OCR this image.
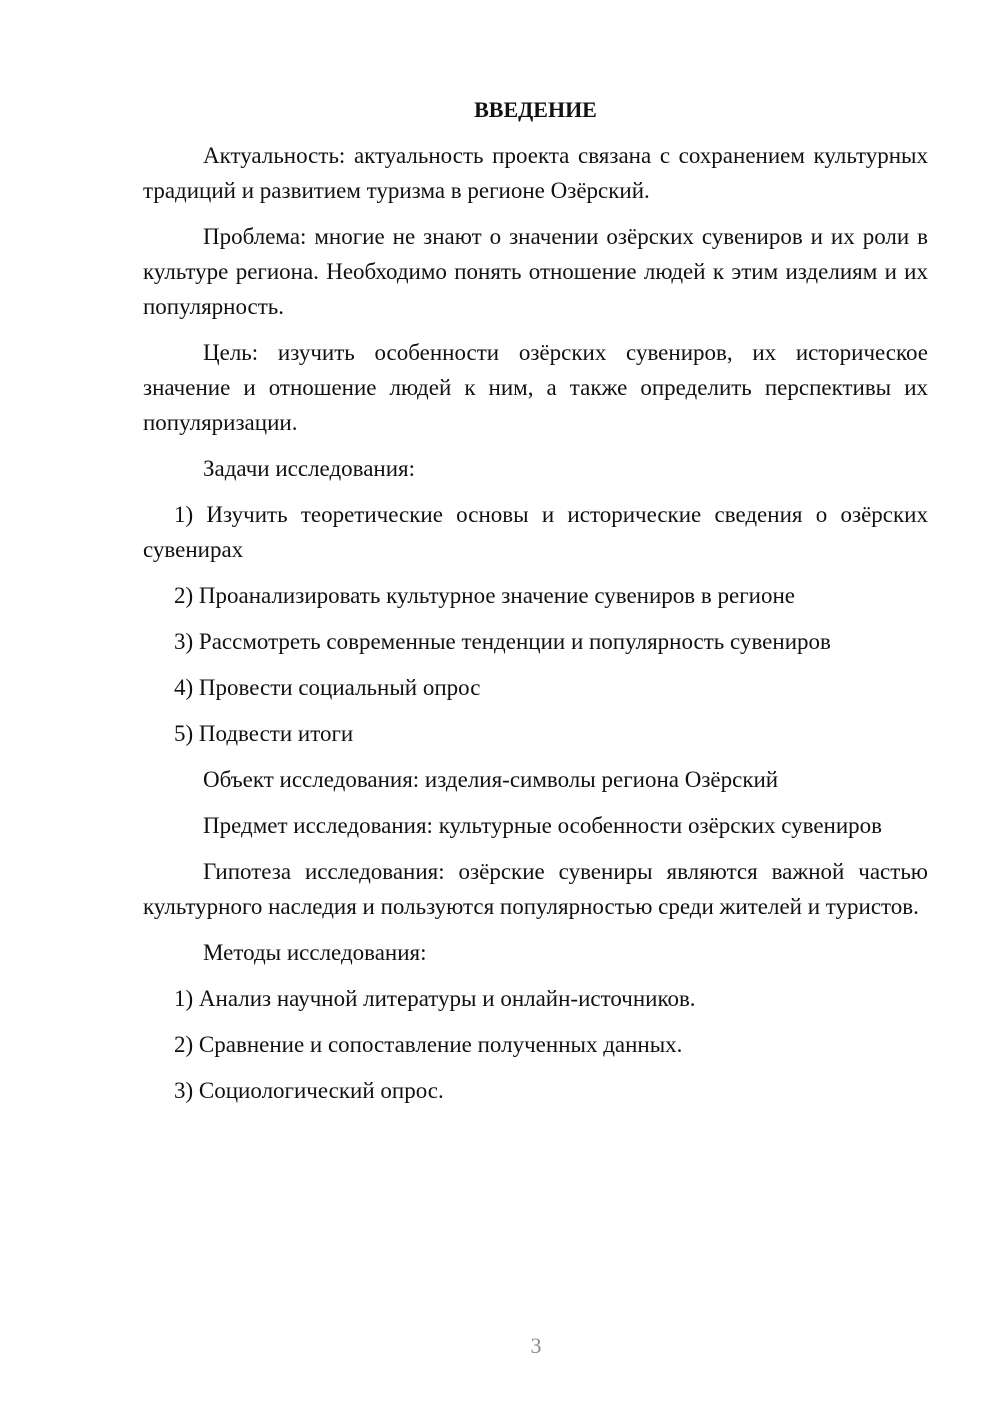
ВВЕДЕНИЕ
Актуальность: актуальность проекта связана с сохранением культурных традиций и развитием туризма в регионе Озёрский.
Проблема: многие не знают о значении озёрских сувениров и их роли в культуре региона. Необходимо понять отношение людей к этим изделиям и их популярность.
Цель: изучить особенности озёрских сувениров, их историческое значение и отношение людей к ним, а также определить перспективы их популяризации.
Задачи исследования:
1) Изучить теоретические основы и исторические сведения о озёрских сувенирах
2) Проанализировать культурное значение сувениров в регионе
3) Рассмотреть современные тенденции и популярность сувениров
4) Провести социальный опрос
5) Подвести итоги
Объект исследования: изделия-символы региона Озёрский
Предмет исследования: культурные особенности озёрских сувениров
Гипотеза исследования: озёрские сувениры являются важной частью культурного наследия и пользуются популярностью среди жителей и туристов.
Методы исследования:
1) Анализ научной литературы и онлайн-источников.
2) Сравнение и сопоставление полученных данных.
3) Социологический опрос.
3
